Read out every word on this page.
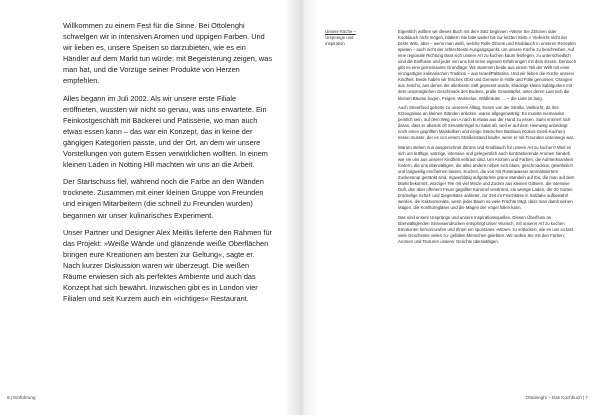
Willkommen zu einem Fest für die Sinne. Bei Ottolenghi schwelgen wir in intensiven Aromen und üppigen Farben. Und wir lieben es, unsere Speisen so darzubieten, wie es ein Händler auf dem Markt tun würde: mit Begeisterung zeigen, was man hat, und die Vorzüge seiner Produkte von Herzen empfehlen.

Alles begann im Juli 2002. Als wir unsere erste Filiale eröffneten, wussten wir nicht so genau, was uns erwartete. Ein Feinkostgeschäft mit Bäckerei und Patisserie, wo man auch etwas essen kann – das war ein Konzept, das in keine der gängigen Kategorien passte, und der Ort, an dem wir unsere Vorstellungen von gutem Essen verwirklichen wollten. In einem kleinen Laden in Notting Hill machten wir uns an die Arbeit.

Der Startschuss fiel, während noch die Farbe an den Wänden trocknete. Zusammen mit einer kleinen Gruppe von Freunden und einigen Mitarbeitern (die schnell zu Freunden wurden) begannen wir unser kulinarisches Experiment.

Unser Partner und Designer Alex Meitlis lieferte den Rahmen für das Projekt: »Weiße Wände und glänzende weiße Oberflächen bringen eure Kreationen am besten zur Geltung«, sagte er. Nach kurzer Diskussion waren wir überzeugt. Die weißen Räume erwiesen sich als perfektes Ambiente und auch das Konzept hat sich bewährt. Inzwischen gibt es in London vier Filialen und seit Kurzem auch ein »richtiges« Restaurant.

Unsere Küche –
Ursprünge und
Inspiration

Eigentlich wollten wir dieses Buch mit dem Satz beginnen »Wenn Sie Zitronen oder Knoblauch nicht mögen, blättern Sie bitte weiter bis zur letzten Seite.« Vielleicht nicht der beste Witz, aber – wenn man weiß, welche Rolle Zitrone und Knoblauch in unseren Rezepten spielen – auch nicht der schlechteste Ausgangspunkt, um unsere Küche zu beschreiben. Auf eine regionale Richtung lässt sich unsere Art zu kochen kaum festlegen, zu unterschiedlich sind die Einflüsse und jeder von uns hat seine eigenen Erfahrungen mit dem Essen. Dennoch gibt es eine gemeinsame Grundlage: Wir stammen beide aus einem Teil der Welt mit einer einzigartigen kulinarischen Tradition – aus Israel/Palästina. Und wir lieben die Küche unserer Kindheit. Beide haben wir frisches Obst und Gemüse in Hülle und Fülle genossen: Orangen aus Jericho, aus denen der allerbeste Saft gepresst wurde, knackige kleine Salatgurken mit dem ursprünglichen Geschmack des Bodens, pralle Granatäpfel, unter deren Last sich die kleinen Bäume bogen, Feigen, Wolmeloe, Wildkräuter … – die Liste ist lang.

Auch Streetfood gehörte zu unserem Alltag, Essen von der Straße. Vielleicht, da ihre Erzeugnisse an kleinen Ständen anboten, waren allgegenwärtig. Es musste niemanden peinlich sein, auf dem Weg von A nach B etwas aus der Hand zu essen. Sami erinnert sich daran, dass er abends oft Sesamkringel zu Salat aß, weil er auf dem Heimweg unbedingt noch einen gegrillten Maiskolben und einige Stückchen Basbusa (Kokos-Grieß-Kuchen) essen musste, der es von einem Straßenstand kaufte, wenn er mit Freunden unterwegs war.

Warum stehen nun ausgerechnet Zitrone und Knoblauch für unsere Art zu kochen? Weil es sich um kräftige, würzige, intensive und gelegentlich auch kontrastierende Aromen handelt, wie sie uns aus unserer Kindheit vertraut sind. Um Aromen und Farben, die Aufmerksamkeit fordern, die uns überwältigen, die alles andere neben sich blass, geschmacklos, gewöhnlich und langweilig erscheinen lassen. Kuchen, die von mit Rosenwasser aromatisiertem Zuckersirup getränkt sind, Ingwerblütig aufgetürmte grüne Mandeln auf Eis, die man auf dem Markt bekommt, würziger Tee mit viel Minze und Zucker aus kleinen Gläsern, die intensive Duft, den über offenem Feuer gegrillter Kammel verströmt, ein wenige Laden, der 20 Sorten bröckelige Schaf- und Ziegenkäse anbietet, zur Zeit im Frischkäse in Salzlake aufbewahrt werden, die Kaktusmonate, wenn jeder Baum so viele Früchte trägt, dass man damit seinen Magen, die Konfitüregläser und die Mägen der Vögel füllen kann.

Das sind unsere Ursprünge und unsere Inspirationsquellen. Diesen Überfluss an überwältigenden Sinneseindrücken entspringt unser Wunsch, mit unserer Art zu kochen Emotionen hervorzurufen und Ihnen ein spontanes »Wow!« zu entlocken, wie es uns so fast viele Geschenke vieles zu- gefallen Menschen gelebten. Wir wollen Sie mit den Farben, Aromen und Texturen unserer Gerichte überwältigen.

6 | Einführung	Ottolenghi – Das Kochbuch | 7
